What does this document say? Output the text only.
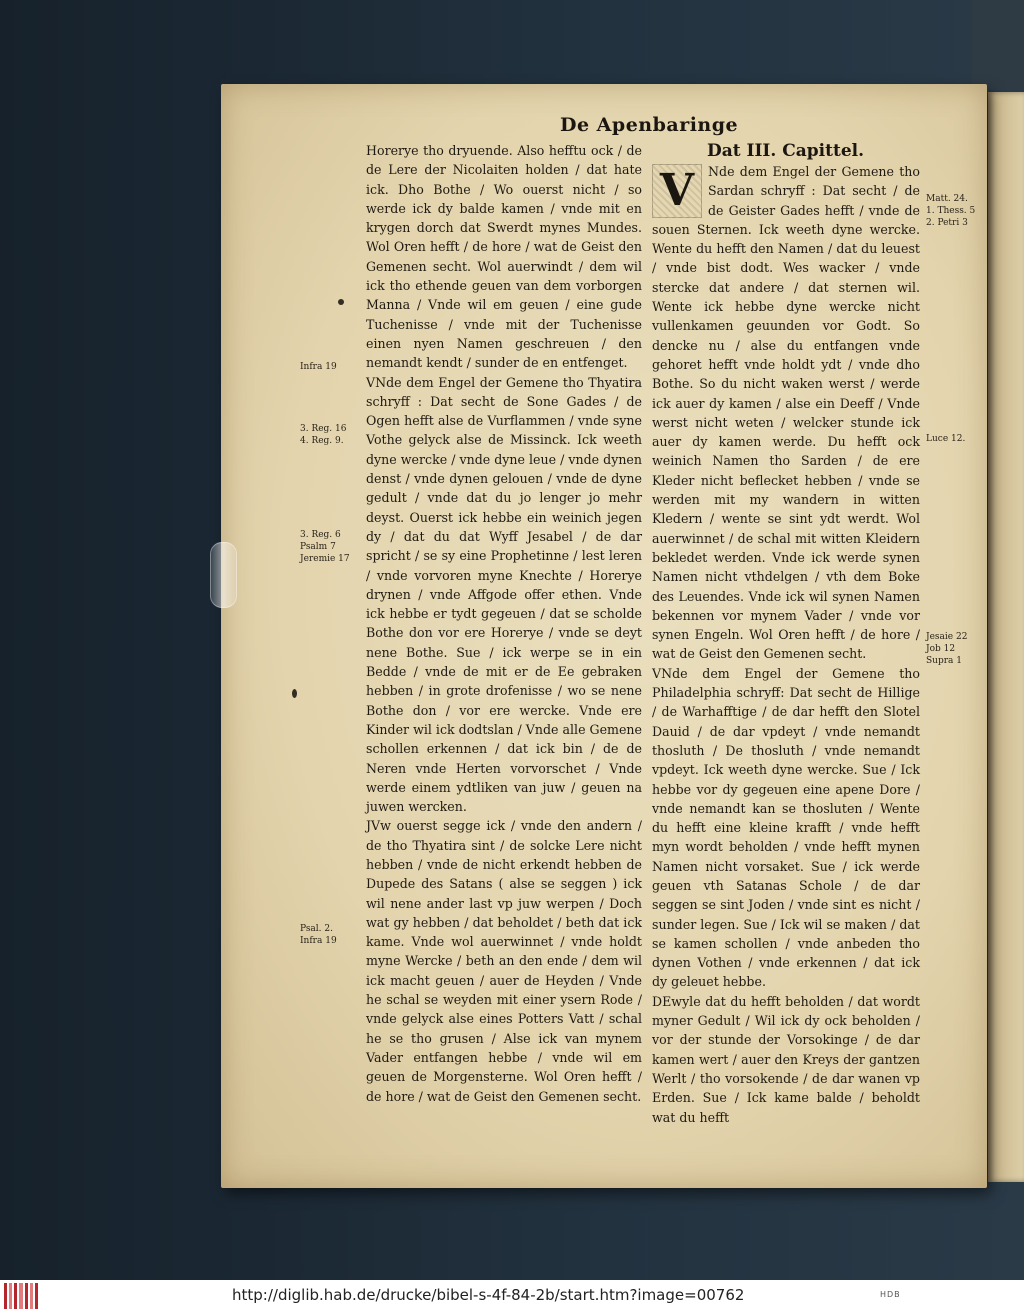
De Apenbaringe
Dat III. Capittel.

Horerye tho dryuende. Also hefftu ock / de de Lere der Nicolaiten holden / dat hate ick. Dho Bothe / Wo ouerst nicht / so werde ick dy balde kamen / vnde mit en krygen dorch dat Swerdt mynes Mundes. Wol Oren hefft / de hore / wat de Geist den Gemenen secht. Wol auerwindt / dem wil ick tho ethende geuen van dem vorborgen Manna / Vnde wil em geuen / eine gude Tuchenisse / vnde mit der Tuchenisse einen nyen Namen geschreuen / den nemandt kendt / sunder de en entfenget.

VNde dem Engel der Gemene tho Thyatira schryff : Dat secht de Sone Gades / de Ogen hefft alse de Vurflammen / vnde syne Vothe gelyck alse de Missinck. Ick weeth dyne wercke / vnde dyne leue / vnde dynen denst / vnde dynen gelouen / vnde de dyne gedult / vnde dat du jo lenger jo mehr deyst. Ouerst ick hebbe ein weinich jegen dy / dat du dat Wyff Jesabel / de dar spricht / se sy eine Prophetinne / lest leren / vnde vorvoren myne Knechte / Horerye drynen / vnde Affgode offer ethen. Vnde ick hebbe er tydt gegeuen / dat se scholde Bothe don vor ere Horerye / vnde se deyt nene Bothe. Sue / ick werpe se in ein Bedde / vnde de mit er de Ee gebraken hebben / in grote drofenisse / wo se nene Bothe don / vor ere wercke. Vnde ere Kinder wil ick dodtslan / Vnde alle Gemene schollen erkennen / dat ick bin / de de Neren vnde Herten vorvorschet / Vnde werde einem ydtliken van juw / geuen na juwen wercken.

JVw ouerst segge ick / vnde den andern / de tho Thyatira sint / de solcke Lere nicht hebben / vnde de nicht erkendt hebben de Dupede des Satans ( alse se seggen ) ick wil nene ander last vp juw werpen / Doch wat gy hebben / dat beholdet / beth dat ick kame. Vnde wol auerwinnet / vnde holdt myne Wercke / beth an den ende / dem wil ick macht geuen / auer de Heyden / Vnde he schal se weyden mit einer ysern Rode / vnde gelyck alse eines Potters Vatt / schal he se tho grusen / Alse ick van mynem Vader entfangen hebbe / vnde wil em geuen de Morgensterne. Wol Oren hefft / de hore / wat de Geist den Gemenen secht.

V	Nde dem Engel der Gemene tho Sardan schryff : Dat secht / de de Geister Gades hefft / vnde de souen Sternen. Ick weeth dyne wercke. Wente du hefft den Namen / dat du leuest / vnde bist dodt. Wes wacker / vnde stercke dat andere / dat sternen wil. Wente ick hebbe dyne wercke nicht vullenkamen geuunden vor Godt. So dencke nu / alse du entfangen vnde gehoret hefft vnde holdt ydt / vnde dho Bothe. So du nicht waken werst / werde ick auer dy kamen / alse ein Deeff / Vnde werst nicht weten / welcker stunde ick auer dy kamen werde. Du hefft ock weinich Namen tho Sarden / de ere Kleder nicht beflecket hebben / vnde se werden mit my wandern in witten Kledern / wente se sint ydt werdt. Wol auerwinnet / de schal mit witten Kleidern bekledet werden. Vnde ick werde synen Namen nicht vthdelgen / vth dem Boke des Leuendes. Vnde ick wil synen Namen bekennen vor mynem Vader / vnde vor synen Engeln. Wol Oren hefft / de hore / wat de Geist den Gemenen secht.

VNde dem Engel der Gemene tho Philadelphia schryff: Dat secht de Hillige / de Warhafftige / de dar hefft den Slotel Dauid / de dar vpdeyt / vnde nemandt thosluth / De thosluth / vnde nemandt vpdeyt. Ick weeth dyne wercke. Sue / Ick hebbe vor dy gegeuen eine apene Dore / vnde nemandt kan se thosluten / Wente du hefft eine kleine krafft / vnde hefft myn wordt beholden / vnde hefft mynen Namen nicht vorsaket. Sue / ick werde geuen vth Satanas Schole / de dar seggen se sint Joden / vnde sint es nicht / sunder legen. Sue / Ick wil se maken / dat se kamen schollen / vnde anbeden tho dynen Vothen / vnde erkennen / dat ick dy geleuet hebbe.

DEwyle dat du hefft beholden / dat wordt myner Gedult / Wil ick dy ock beholden / vor der stunde der Vorsokinge / de dar kamen wert / auer den Kreys der gantzen Werlt / tho vorsokende / de dar wanen vp Erden. Sue / Ick kame balde / beholdt wat du hefft

Infra 19
3. Reg. 16
4. Reg. 9.
3. Reg. 6
Psalm 7
Jeremie 17
Psal. 2.
Infra 19
Matt. 24.
1. Thess. 5
2. Petri 3
Luce 12.
Jesaie 22
Job 12
Supra 1
http://diglib.hab.de/drucke/bibel-s-4f-84-2b/start.htm?image=00762	HDB
